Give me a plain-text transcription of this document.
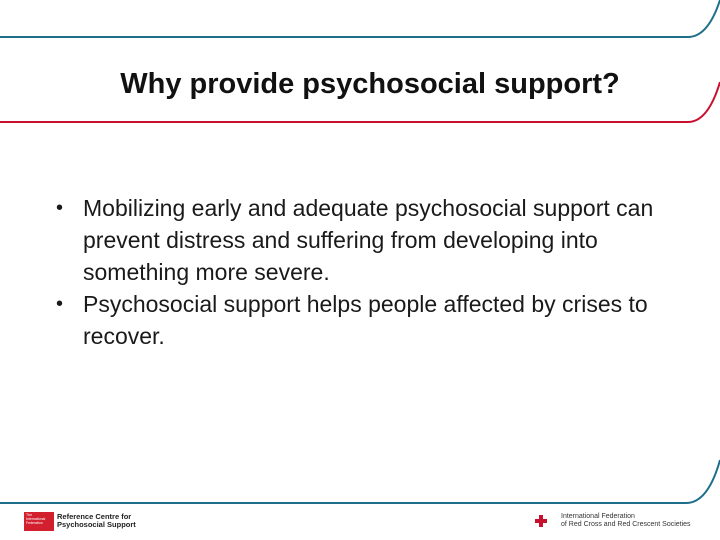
Why provide psychosocial support?
• Mobilizing early and adequate psychosocial support can prevent distress and suffering from developing into something more severe.
• Psychosocial support helps people affected by crises to recover.
The International Federation
Reference Centre for
Psychosocial Support
International Federation
of Red Cross and Red Crescent Societies
